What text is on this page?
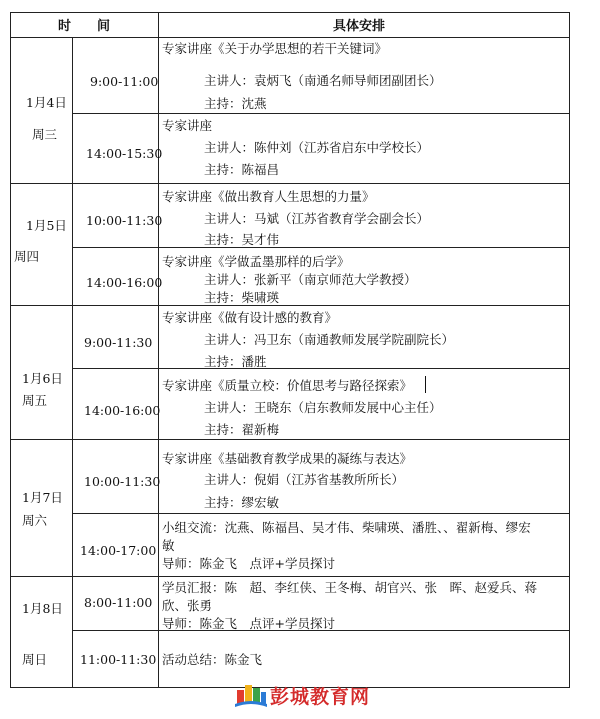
时　　间	具体安排
1月4日
周三
9:00-11:00
专家讲座《关于办学思想的若干关键词》
主讲人：袁炳飞（南通名师导师团副团长）
主持：沈燕
14:00-15:30
专家讲座
主讲人：陈仲刘（江苏省启东中学校长）
主持：陈福昌
1月5日
周四
10:00-11:30
专家讲座《做出教育人生思想的力量》
主讲人：马斌（江苏省教育学会副会长）
主持：吴才伟
14:00-16:00
专家讲座《学做孟墨那样的后学》
主讲人：张新平（南京师范大学教授）
主持：柴啸瑛
1月6日
周五
9:00-11:30
专家讲座《做有设计感的教育》
主讲人：冯卫东（南通教师发展学院副院长）
主持：潘胜
14:00-16:00
专家讲座《质量立校：价值思考与路径探索》
主讲人：王晓东（启东教师发展中心主任）
主持：翟新梅
1月7日
周六
10:00-11:30
专家讲座《基础教育教学成果的凝练与表达》
主讲人：倪娟（江苏省基教所所长）
主持：缪宏敏
14:00-17:00
小组交流：沈燕、陈福昌、吴才伟、柴啸瑛、潘胜、、翟新梅、缪宏
敏
导师：陈金飞　点评+学员探讨
1月8日
周日
8:00-11:00
学员汇报：陈　超、李红侠、王冬梅、胡官兴、张　晖、赵爱兵、蒋
欣、张勇
导师：陈金飞　点评+学员探讨
11:00-11:30 活动总结：陈金飞
彭城教育网
